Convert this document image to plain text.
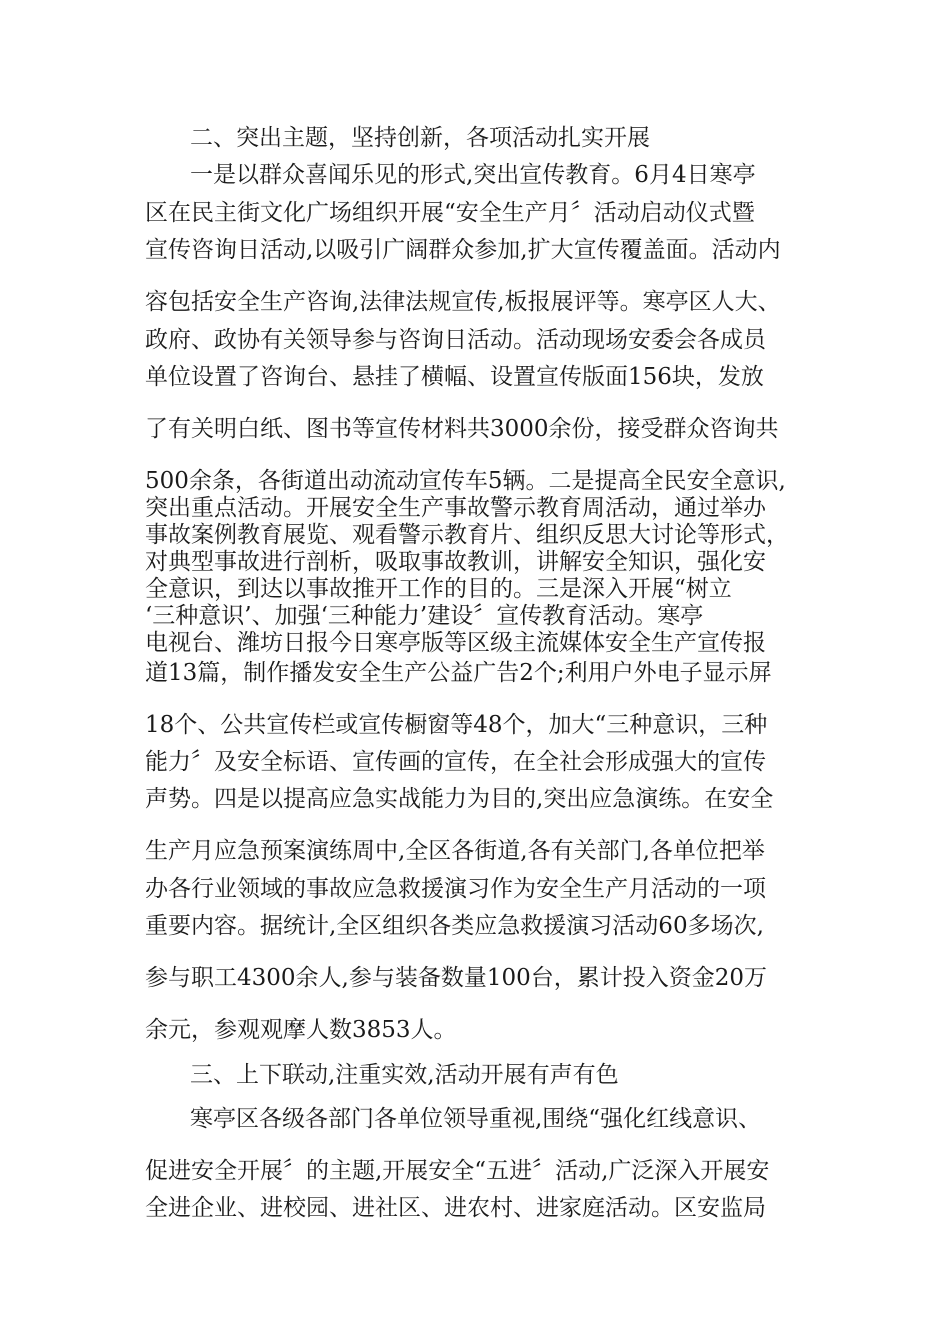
二、突出主题，坚持创新，各项活动扎实开展
一是以群众喜闻乐见的形式,突出宣传教育。6月4日寒亭
区在民主街文化广场组织开展“安全生产月〞活动启动仪式暨
宣传咨询日活动,以吸引广阔群众参加,扩大宣传覆盖面。活动内
容包括安全生产咨询,法律法规宣传,板报展评等。寒亭区人大、
政府、政协有关领导参与咨询日活动。活动现场安委会各成员
单位设置了咨询台、悬挂了横幅、设置宣传版面156块，发放
了有关明白纸、图书等宣传材料共3000余份，接受群众咨询共
500余条，各街道出动流动宣传车5辆。二是提高全民安全意识,
突出重点活动。开展安全生产事故警示教育周活动，通过举办
事故案例教育展览、观看警示教育片、组织反思大讨论等形式，
对典型事故进行剖析，吸取事故教训，讲解安全知识，强化安
全意识，到达以事故推开工作的目的。三是深入开展“树立
‘三种意识’、加强‘三种能力’建设〞宣传教育活动。寒亭
电视台、潍坊日报今日寒亭版等区级主流媒体安全生产宣传报
道13篇，制作播发安全生产公益广告2个;利用户外电子显示屏
18个、公共宣传栏或宣传橱窗等48个，加大“三种意识，三种
能力〞及安全标语、宣传画的宣传，在全社会形成强大的宣传
声势。四是以提高应急实战能力为目的,突出应急演练。在安全
生产月应急预案演练周中,全区各街道,各有关部门,各单位把举
办各行业领域的事故应急救援演习作为安全生产月活动的一项
重要内容。据统计,全区组织各类应急救援演习活动60多场次,
参与职工4300余人,参与装备数量100台，累计投入资金20万
余元，参观观摩人数3853人。
三、上下联动,注重实效,活动开展有声有色
寒亭区各级各部门各单位领导重视,围绕“强化红线意识、
促进安全开展〞的主题,开展安全“五进〞活动,广泛深入开展安
全进企业、进校园、进社区、进农村、进家庭活动。区安监局
